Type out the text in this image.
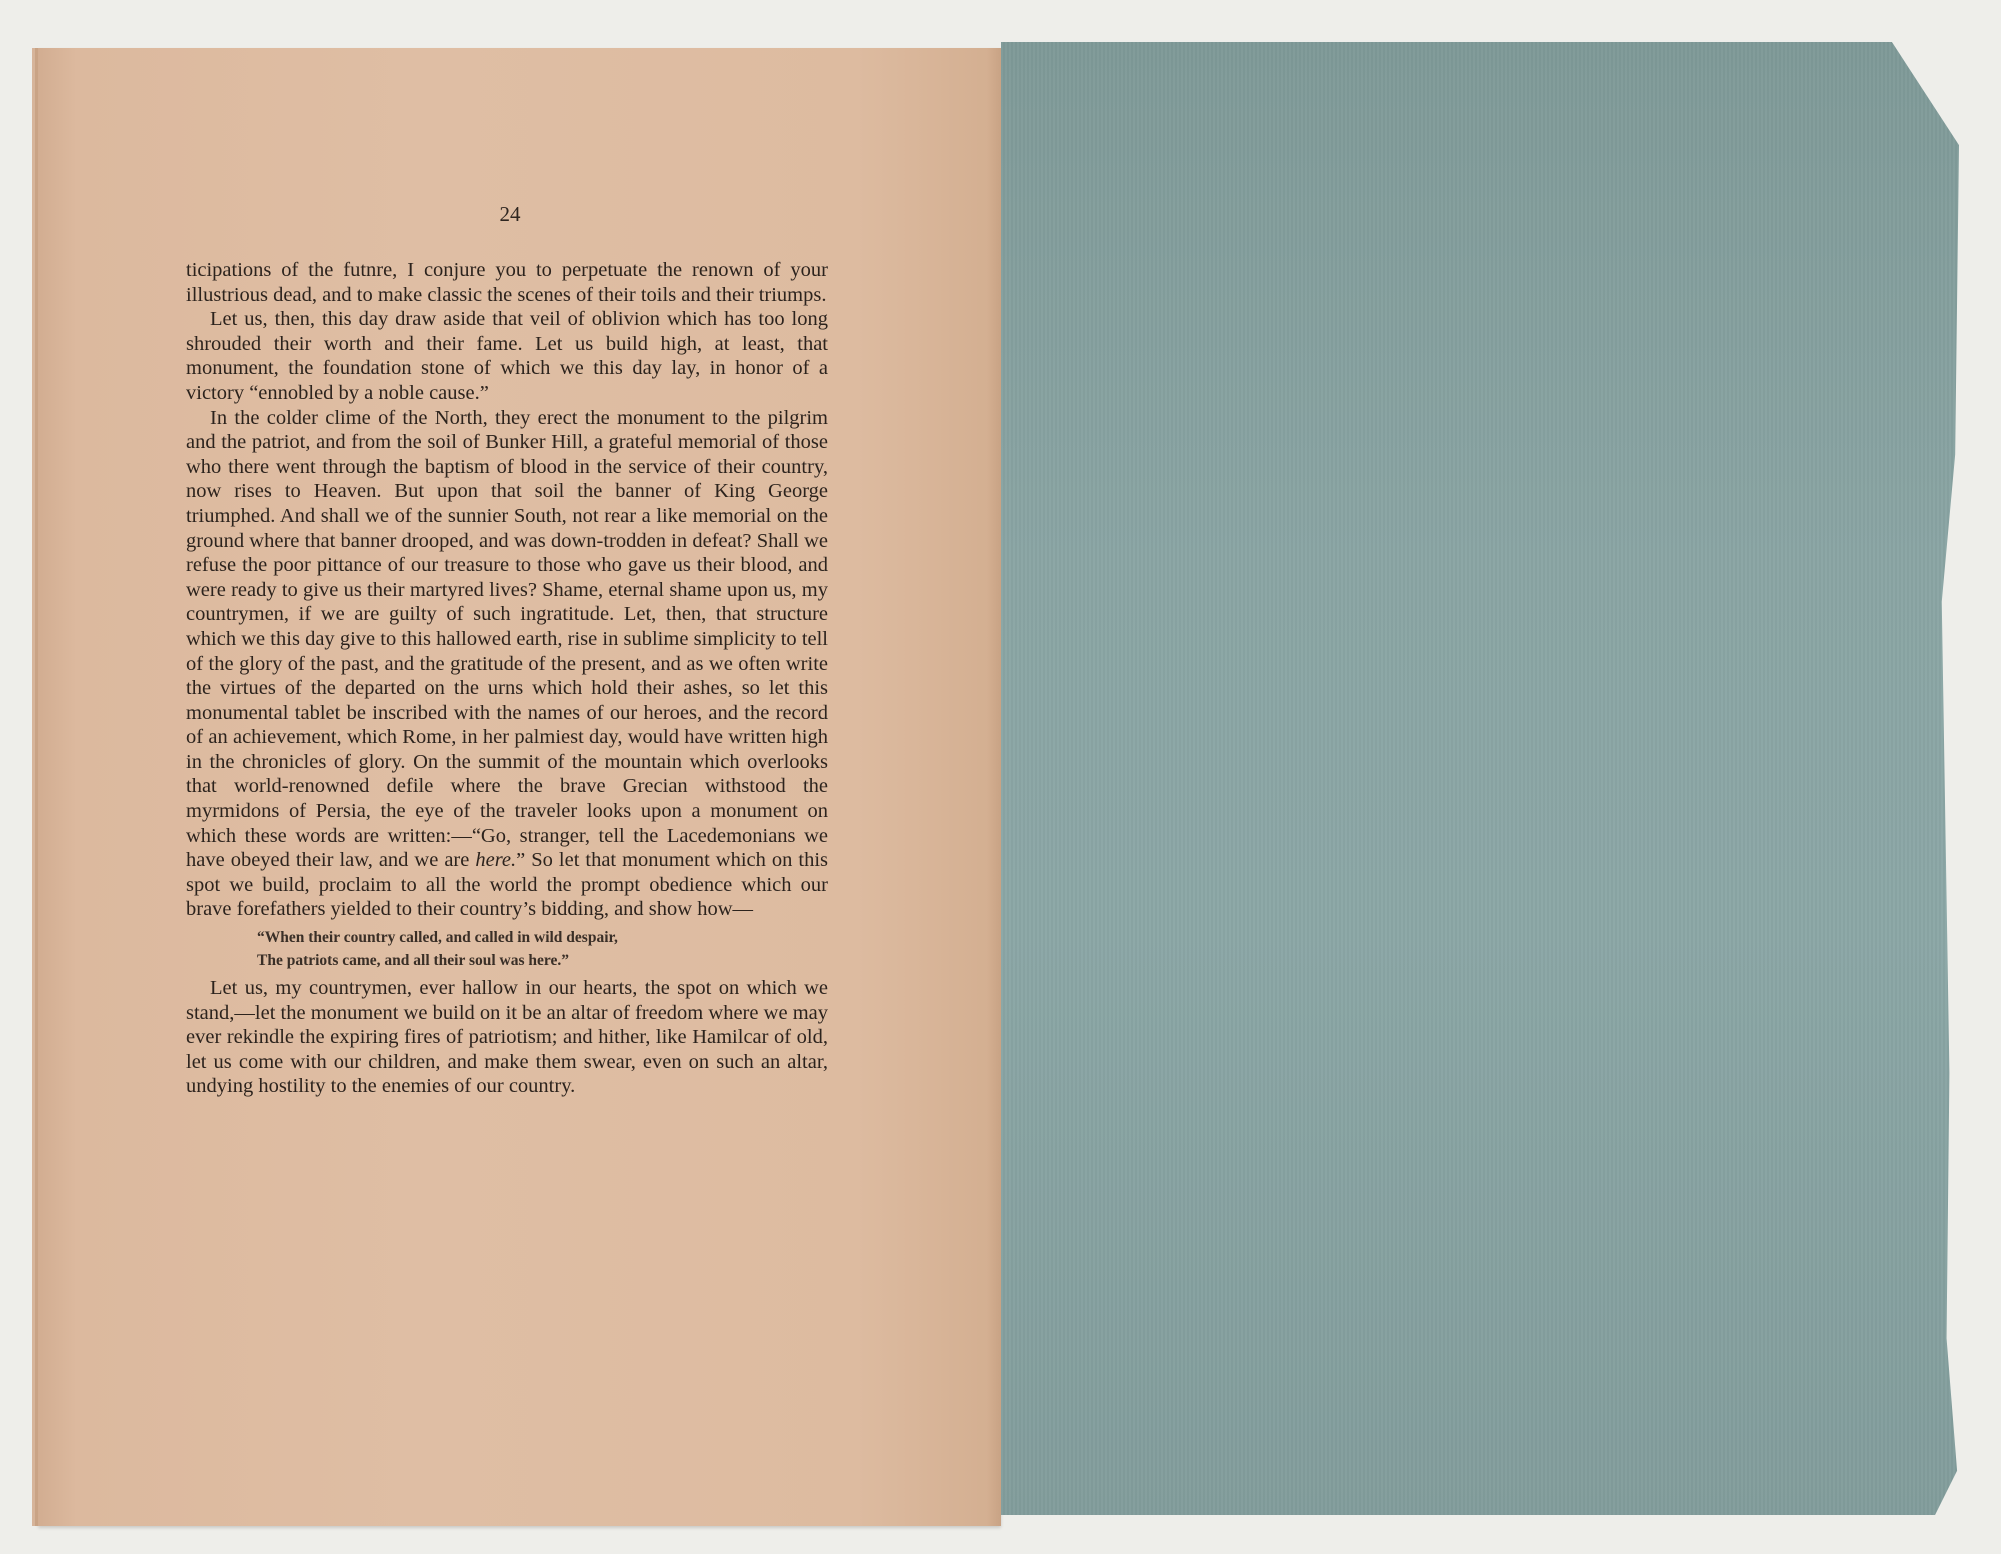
24

ticipations of the futnre, I conjure you to perpetuate the renown of your illustrious dead, and to make classic the scenes of their toils and their triumps.

Let us, then, this day draw aside that veil of oblivion which has too long shrouded their worth and their fame. Let us build high, at least, that monument, the foundation stone of which we this day lay, in honor of a victory “ennobled by a noble cause.”

In the colder clime of the North, they erect the monument to the pilgrim and the patriot, and from the soil of Bunker Hill, a grateful memorial of those who there went through the baptism of blood in the service of their country, now rises to Heaven. But upon that soil the banner of King George triumphed. And shall we of the sunnier South, not rear a like memorial on the ground where that banner drooped, and was down-trodden in defeat? Shall we refuse the poor pittance of our treasure to those who gave us their blood, and were ready to give us their martyred lives? Shame, eternal shame upon us, my countrymen, if we are guilty of such ingratitude. Let, then, that structure which we this day give to this hallowed earth, rise in sublime simplicity to tell of the glory of the past, and the gratitude of the present, and as we often write the virtues of the departed on the urns which hold their ashes, so let this monumental tablet be inscribed with the names of our heroes, and the record of an achievement, which Rome, in her palmiest day, would have written high in the chronicles of glory. On the summit of the mountain which overlooks that world-renowned defile where the brave Grecian withstood the myrmidons of Persia, the eye of the traveler looks upon a monument on which these words are written:—“Go, stranger, tell the Lacedemonians we have obeyed their law, and we are here.” So let that monument which on this spot we build, proclaim to all the world the prompt obedience which our brave forefathers yielded to their country’s bidding, and show how—

“When their country called, and called in wild despair,
The patriots came, and all their soul was here.”

Let us, my countrymen, ever hallow in our hearts, the spot on which we stand,—let the monument we build on it be an altar of freedom where we may ever rekindle the expiring fires of patriotism; and hither, like Hamilcar of old, let us come with our children, and make them swear, even on such an altar, undying hostility to the enemies of our country.
